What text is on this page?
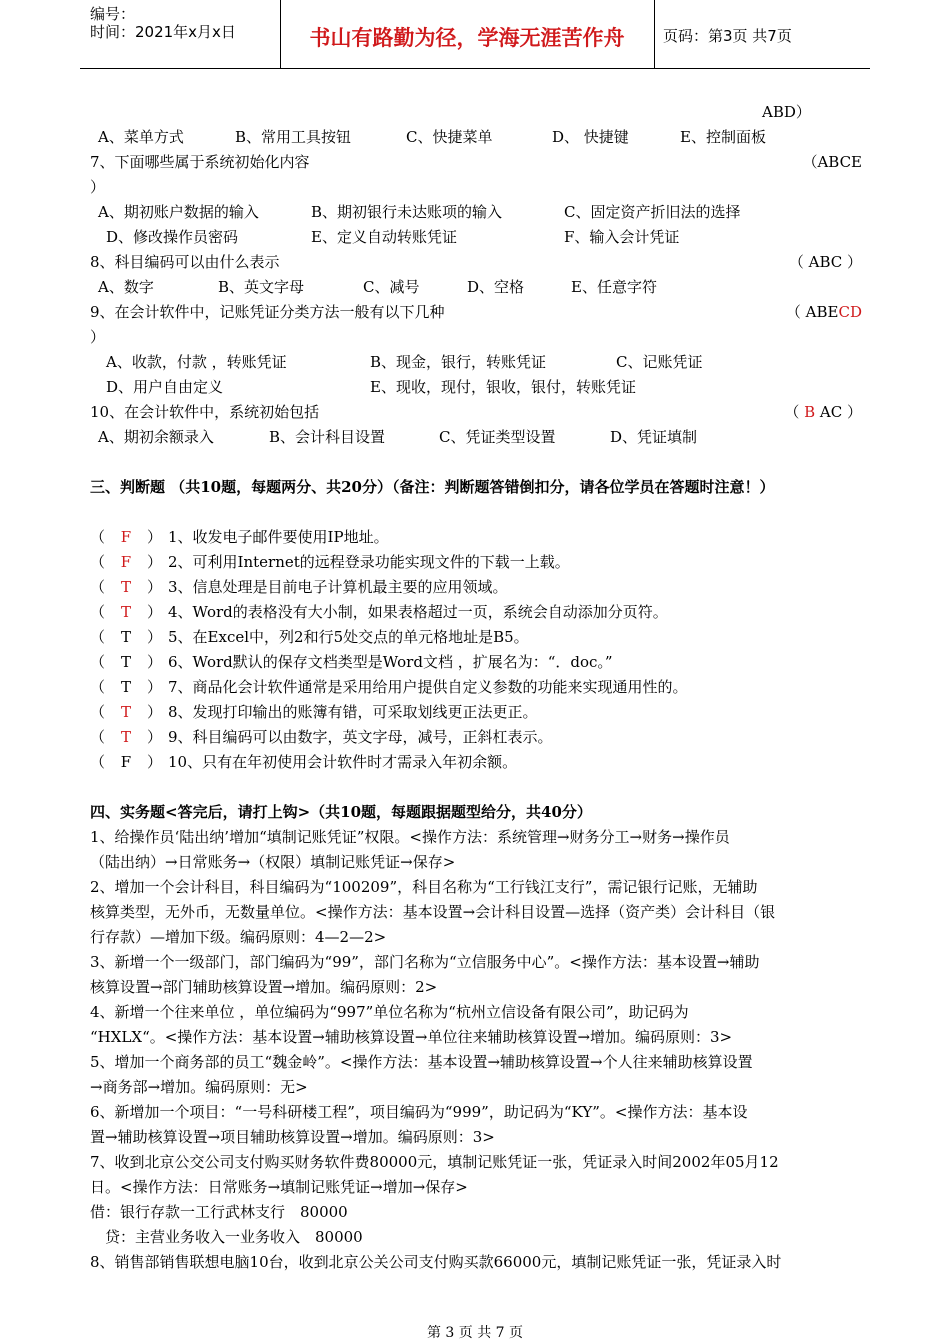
编号：
时间：2021年x月x日	书山有路勤为径，学海无涯苦作舟	页码：第3页 共7页
ABD）
A、菜单方式	B、常用工具按钮	C、快捷菜单	D、 快捷键	E、控制面板
7、下面哪些属于系统初始化内容	（ABCE
）
A、期初账户数据的输入	B、期初银行未达账项的输入	C、固定资产折旧法的选择
D、修改操作员密码	E、定义自动转账凭证	F、输入会计凭证
8、科目编码可以由什么表示	（ ABC ）
A、数字	B、英文字母	C、减号	D、空格	E、任意字符
9、在会计软件中，记账凭证分类方法一般有以下几种	（ ABECD
）
A、收款，付款 ，转账凭证	B、现金，银行，转账凭证	C、记账凭证
D、用户自由定义	E、现收，现付，银收，银付，转账凭证
10、在会计软件中，系统初始包括	（ B AC ）
A、期初余额录入	B、会计科目设置	C、凭证类型设置	D、凭证填制
三、判断题 （共10题，每题两分、共20分）（备注：判断题答错倒扣分，请各位学员在答题时注意！）
（ F ） 1、收发电子邮件要使用IP地址。
（ F ） 2、可利用Internet的远程登录功能实现文件的下载一上载。
（ T ） 3、信息处理是目前电子计算机最主要的应用领域。
（ T ） 4、Word的表格没有大小制，如果表格超过一页，系统会自动添加分页符。
（ T ） 5、在Excel中，列2和行5处交点的单元格地址是B5。
（ T ） 6、Word默认的保存文档类型是Word文档 ，扩展名为：“．doc。”
（ T ） 7、商品化会计软件通常是采用给用户提供自定义参数的功能来实现通用性的。
（ T ） 8、发现打印输出的账簿有错，可采取划线更正法更正。
（ T ） 9、科目编码可以由数字，英文字母，减号，正斜杠表示。
（ F ） 10、只有在年初使用会计软件时才需录入年初余额。
四、实务题<答完后，请打上钩>（共10题，每题跟据题型给分，共40分）
1、给操作员‘陆出纳’增加“填制记账凭证”权限。<操作方法：系统管理→财务分工→财务→操作员
（陆出纳）→日常账务→（权限）填制记账凭证→保存>
2、增加一个会计科目，科目编码为“100209”，科目名称为“工行钱江支行”，需记银行记账，无辅助
核算类型，无外币，无数量单位。<操作方法：基本设置→会计科目设置—选择（资产类）会计科目（银
行存款）—增加下级。编码原则：4—2—2>
3、新增一个一级部门，部门编码为“99”，部门名称为“立信服务中心”。<操作方法：基本设置→辅助
核算设置→部门辅助核算设置→增加。编码原则：2>
4、新增一个往来单位 ，单位编码为“997”单位名称为“杭州立信设备有限公司”，助记码为
“HXLX“。<操作方法：基本设置→辅助核算设置→单位往来辅助核算设置→增加。编码原则：3>
5、增加一个商务部的员工“魏金岭”。<操作方法：基本设置→辅助核算设置→个人往来辅助核算设置
→商务部→增加。编码原则：无>
6、新增加一个项目：“一号科研楼工程”，项目编码为“999”，助记码为“KY”。<操作方法：基本设
置→辅助核算设置→项目辅助核算设置→增加。编码原则：3>
7、收到北京公交公司支付购买财务软件费80000元，填制记账凭证一张，凭证录入时间2002年05月12
日。<操作方法：日常账务→填制记账凭证→增加→保存>
借：银行存款一工行武林支行　80000
　贷：主营业务收入一业务收入　80000
8、销售部销售联想电脑10台，收到北京公关公司支付购买款66000元，填制记账凭证一张，凭证录入时
第 3 页 共 7 页
